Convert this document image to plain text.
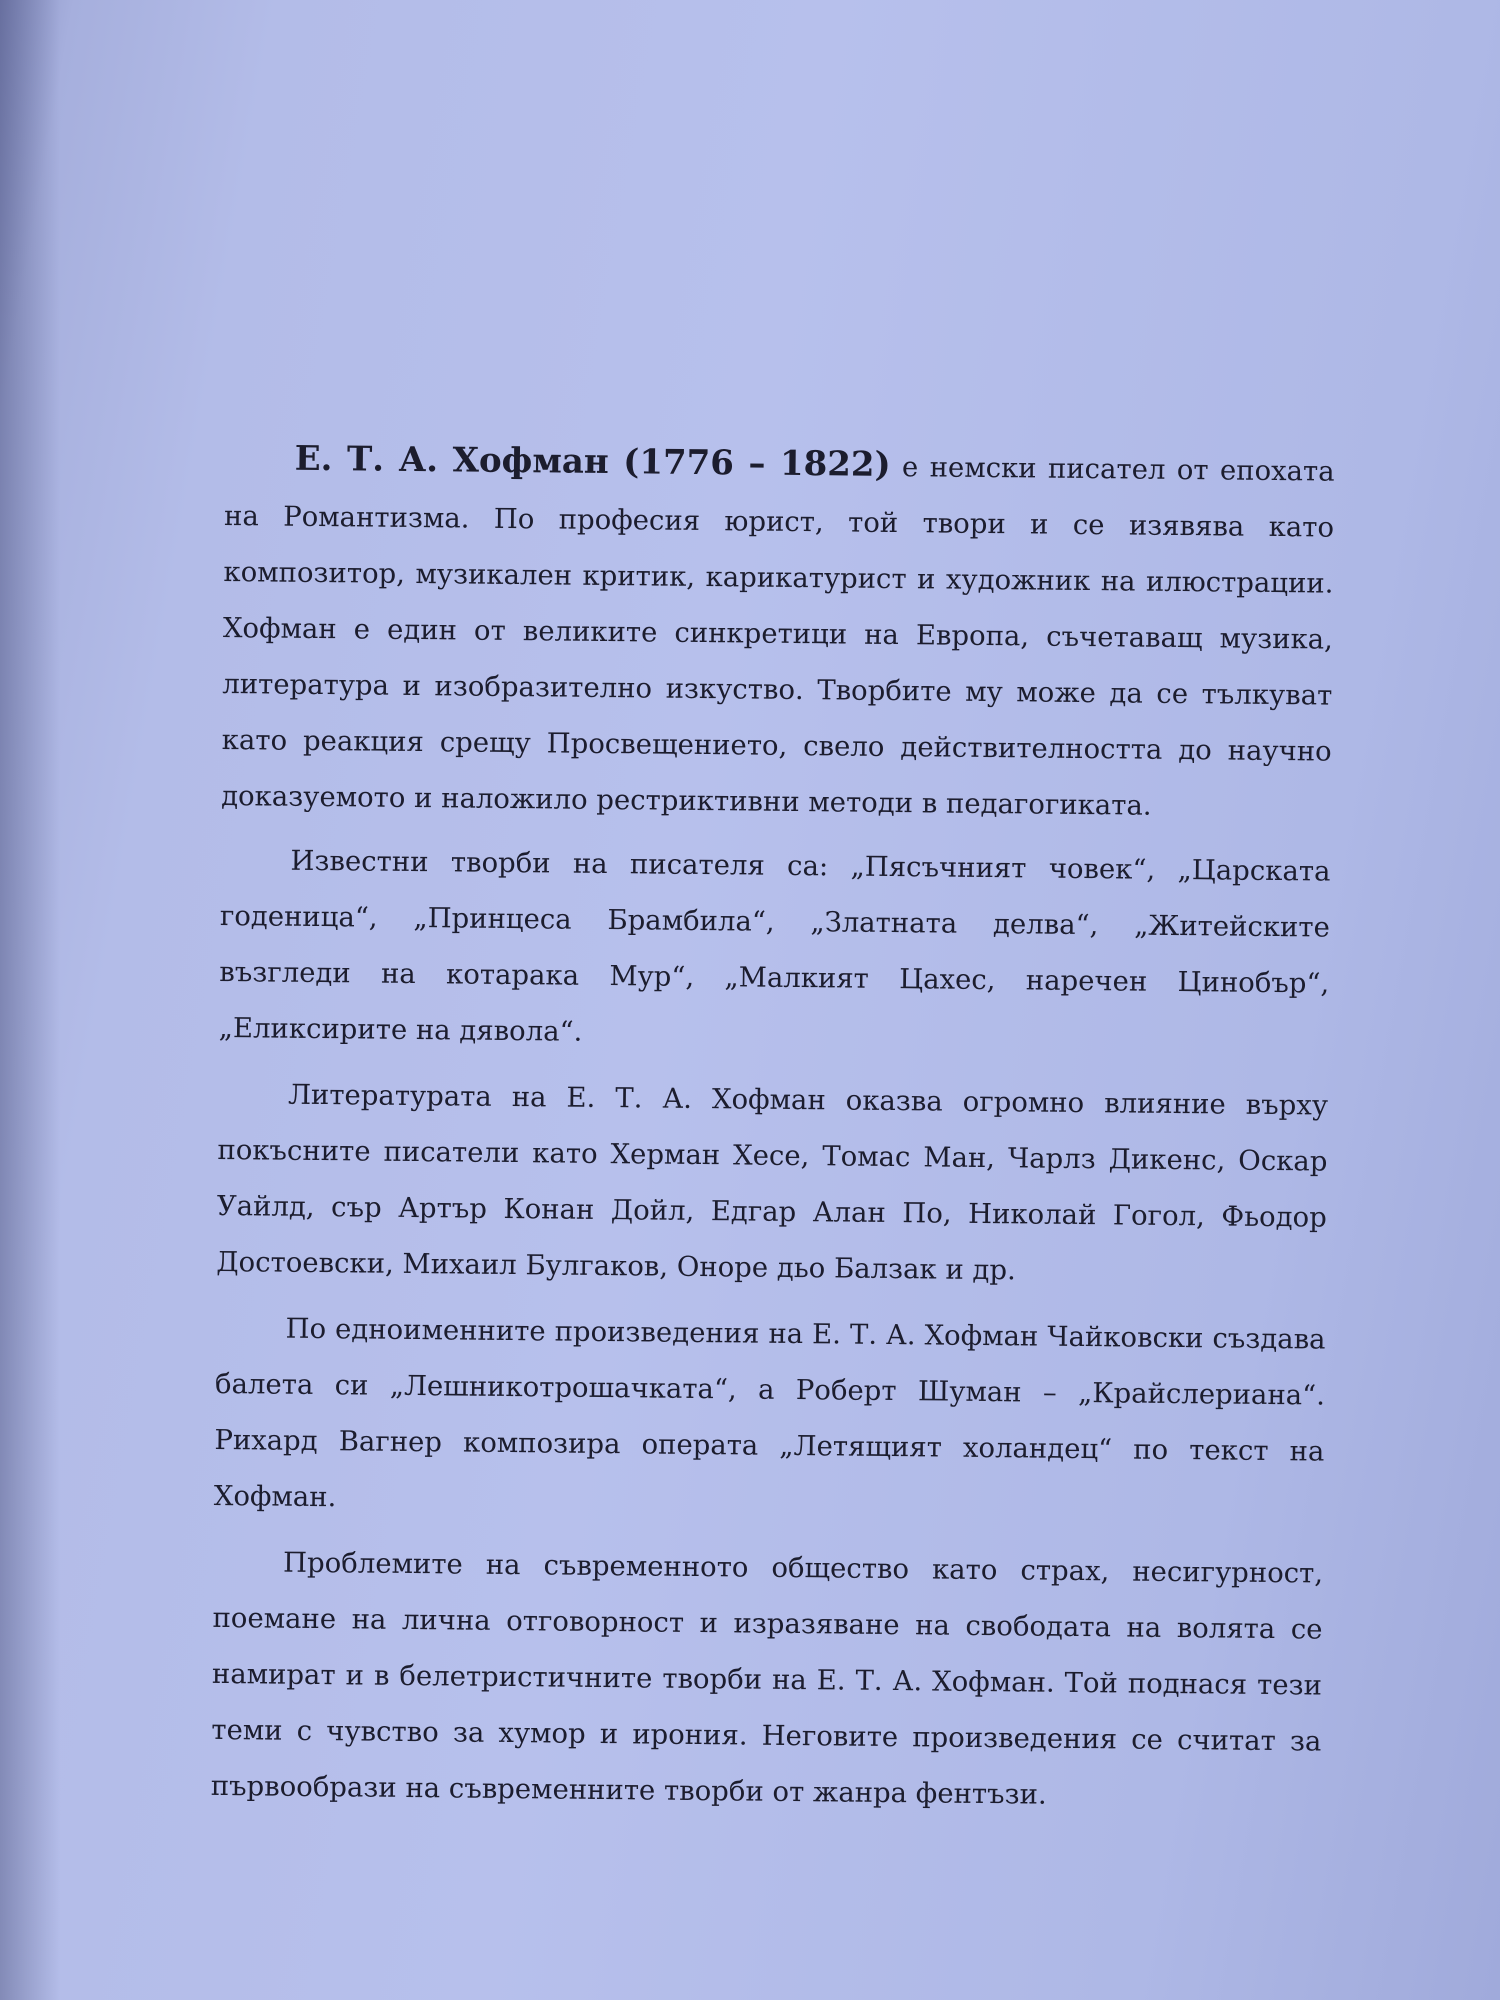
Е. Т. А. Хофман (1776 – 1822) е немски писател от епохата на Романтизма. По професия юрист, той твори и се изявява като композитор, музикален критик, карикатурист и художник на илюстрации. Хофман е един от великите синкретици на Европа, съчетаващ музика, литература и изобразително изкуство. Творбите му може да се тълкуват като реакция срещу Просвещението, свело действителността до научно доказуемото и наложило рестриктивни методи в педагогиката.

Известни творби на писателя са: „Пясъчният човек“, „Царската годеница“, „Принцеса Брамбила“, „Златната делва“, „Житейските възгледи на котарака Мур“, „Малкият Цахес, наречен Цинобър“, „Еликсирите на дявола“.

Литературата на Е. Т. А. Хофман оказва огромно влияние върху покъсните писатели като Херман Хесе, Томас Ман, Чарлз Дикенс, Оскар Уайлд, сър Артър Конан Дойл, Едгар Алан По, Николай Гогол, Фьодор Достоевски, Михаил Булгаков, Оноре дьо Балзак и др.

По едноименните произведения на Е. Т. А. Хофман Чайковски създава балета си „Лешникотрошачката“, а Роберт Шуман – „Крайслериана“. Рихард Вагнер композира операта „Летящият холандец“ по текст на Хофман.

Проблемите на съвременното общество като страх, несигурност, поемане на лична отговорност и изразяване на свободата на волята се намират и в белетристичните творби на Е. Т. А. Хофман. Той поднася тези теми с чувство за хумор и ирония. Неговите произведения се считат за първообрази на съвременните творби от жанра фентъзи.
